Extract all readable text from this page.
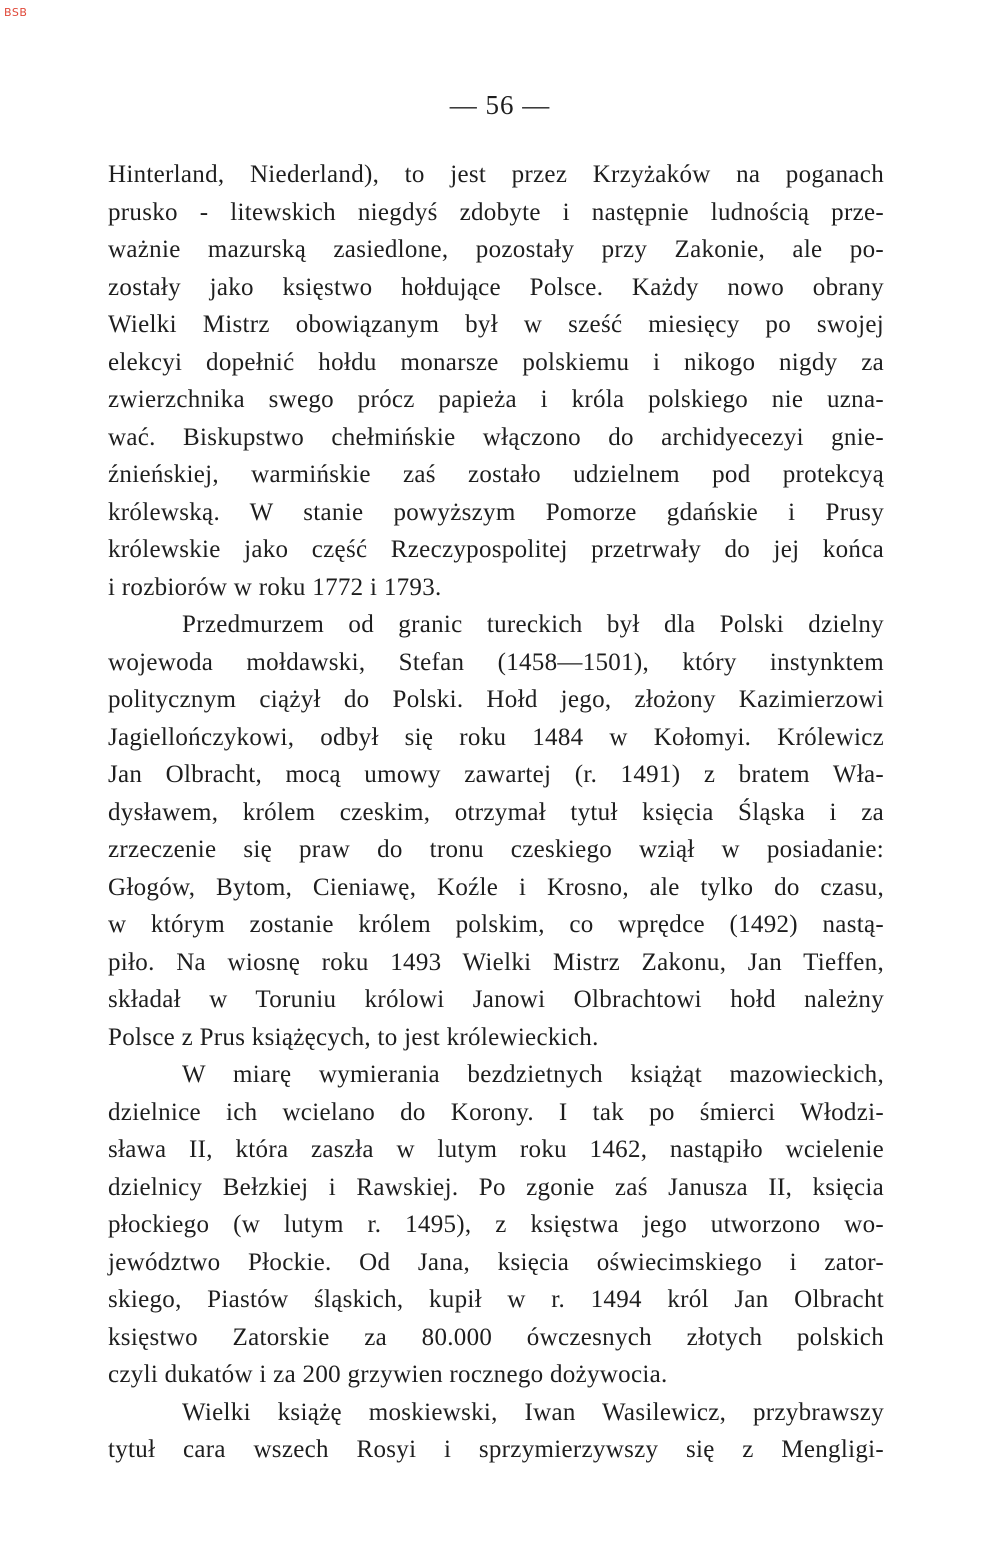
BSB
— 56 —
Hinterland, Niederland), to jest przez Krzyżaków na poganach
prusko - litewskich niegdyś zdobyte i następnie ludnością prze-
ważnie mazurską zasiedlone, pozostały przy Zakonie, ale po-
zostały jako księstwo hołdujące Polsce. Każdy nowo obrany
Wielki Mistrz obowiązanym był w sześć miesięcy po swojej
elekcyi dopełnić hołdu monarsze polskiemu i nikogo nigdy za
zwierzchnika swego prócz papieża i króla polskiego nie uzna-
wać. Biskupstwo chełmińskie włączono do archidyecezyi gnie-
źnieńskiej, warmińskie zaś zostało udzielnem pod protekcyą
królewską. W stanie powyższym Pomorze gdańskie i Prusy
królewskie jako część Rzeczypospolitej przetrwały do jej końca
i rozbiorów w roku 1772 i 1793.
Przedmurzem od granic tureckich był dla Polski dzielny
wojewoda mołdawski, Stefan (1458—1501), który instynktem
politycznym ciążył do Polski. Hołd jego, złożony Kazimierzowi
Jagiellończykowi, odbył się roku 1484 w Kołomyi. Królewicz
Jan Olbracht, mocą umowy zawartej (r. 1491) z bratem Wła-
dysławem, królem czeskim, otrzymał tytuł księcia Śląska i za
zrzeczenie się praw do tronu czeskiego wziął w posiadanie:
Głogów, Bytom, Cieniawę, Koźle i Krosno, ale tylko do czasu,
w którym zostanie królem polskim, co wprędce (1492) nastą-
piło. Na wiosnę roku 1493 Wielki Mistrz Zakonu, Jan Tieffen,
składał w Toruniu królowi Janowi Olbrachtowi hołd należny
Polsce z Prus książęcych, to jest królewieckich.
W miarę wymierania bezdzietnych książąt mazowieckich,
dzielnice ich wcielano do Korony. I tak po śmierci Włodzi-
sława II, która zaszła w lutym roku 1462, nastąpiło wcielenie
dzielnicy Bełzkiej i Rawskiej. Po zgonie zaś Janusza II, księcia
płockiego (w lutym r. 1495), z księstwa jego utworzono wo-
jewództwo Płockie. Od Jana, księcia oświecimskiego i zator-
skiego, Piastów śląskich, kupił w r. 1494 król Jan Olbracht
księstwo Zatorskie za 80.000 ówczesnych złotych polskich
czyli dukatów i za 200 grzywien rocznego dożywocia.
Wielki książę moskiewski, Iwan Wasilewicz, przybrawszy
tytuł cara wszech Rosyi i sprzymierzywszy się z Mengligi-
